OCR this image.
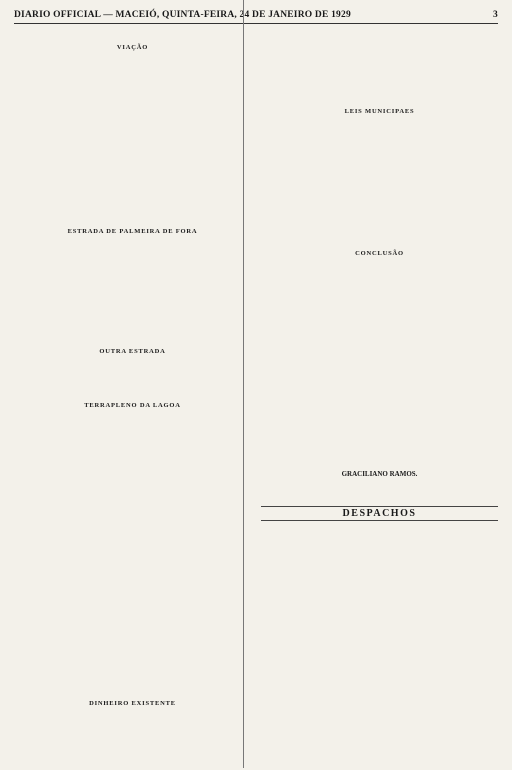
DIARIO OFFICIAL — MACEIÓ, QUINTA-FEIRA, 24 DE JANEIRO DE 1929	3

VIAÇÃO

ESTRADA DE PALMEIRA DE FORA

OUTRA ESTRADA

TERRAPLENO DA LAGOA

DINHEIRO EXISTENTE

LEIS MUNICIPAES

CONCLUSÃO

GRACILIANO RAMOS.

DESPACHOS
